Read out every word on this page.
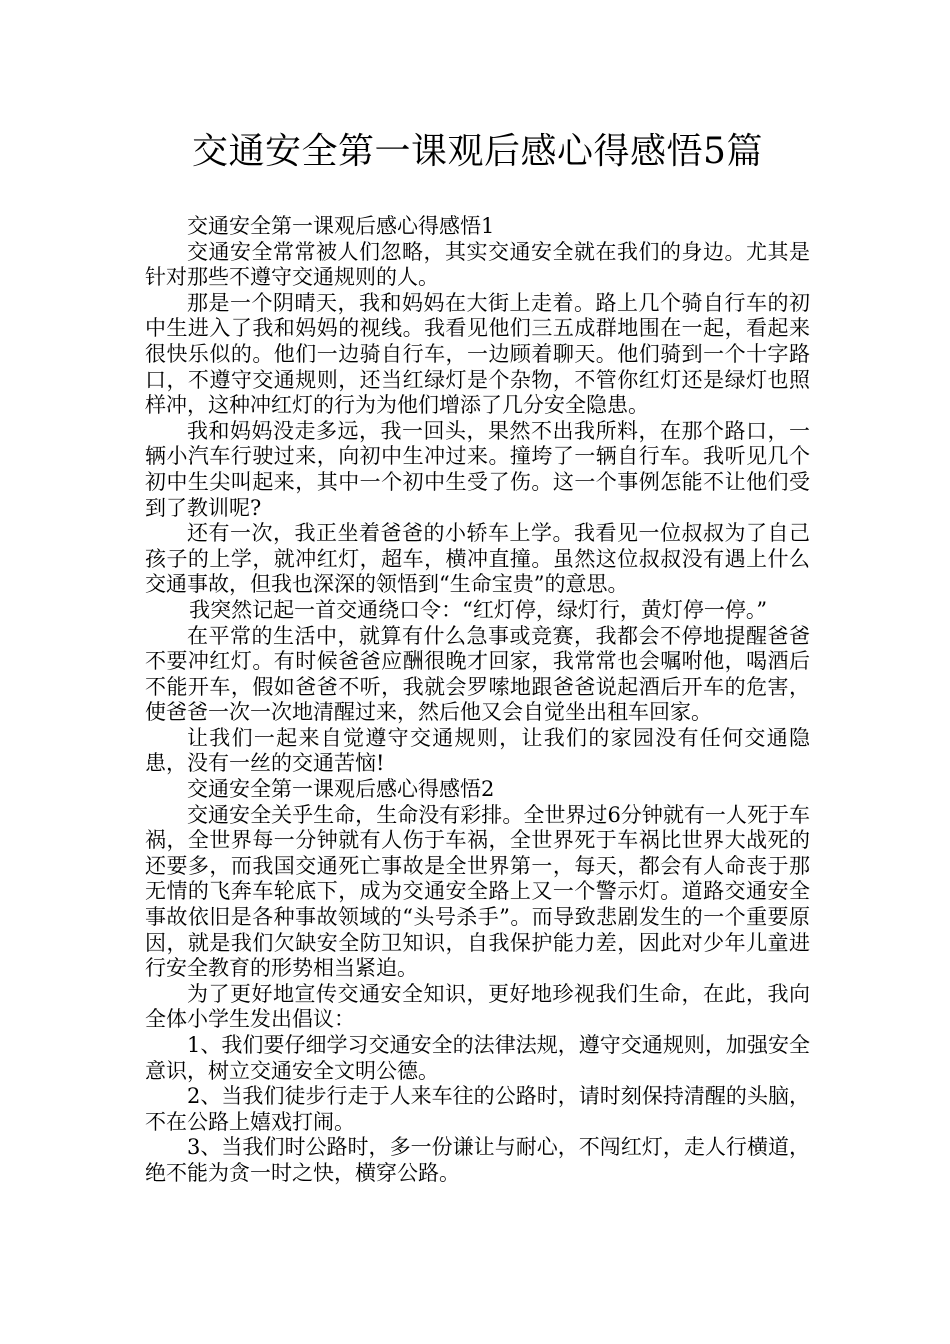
交通安全第一课观后感心得感悟5篇

交通安全第一课观后感心得感悟1

交通安全常常被人们忽略，其实交通安全就在我们的身边。尤其是针对那些不遵守交通规则的人。

那是一个阴晴天，我和妈妈在大街上走着。路上几个骑自行车的初中生进入了我和妈妈的视线。我看见他们三五成群地围在一起，看起来很快乐似的。他们一边骑自行车，一边顾着聊天。他们骑到一个十字路口，不遵守交通规则，还当红绿灯是个杂物，不管你红灯还是绿灯也照样冲，这种冲红灯的行为为他们增添了几分安全隐患。

我和妈妈没走多远，我一回头，果然不出我所料，在那个路口，一辆小汽车行驶过来，向初中生冲过来。撞垮了一辆自行车。我听见几个初中生尖叫起来，其中一个初中生受了伤。这一个事例怎能不让他们受到了教训呢?

还有一次，我正坐着爸爸的小轿车上学。我看见一位叔叔为了自己孩子的上学，就冲红灯，超车，横冲直撞。虽然这位叔叔没有遇上什么交通事故，但我也深深的领悟到“生命宝贵”的意思。

我突然记起一首交通绕口令：“红灯停，绿灯行，黄灯停一停。”

在平常的生活中，就算有什么急事或竞赛，我都会不停地提醒爸爸不要冲红灯。有时候爸爸应酬很晚才回家，我常常也会嘱咐他，喝酒后不能开车，假如爸爸不听，我就会罗嗦地跟爸爸说起酒后开车的危害，使爸爸一次一次地清醒过来，然后他又会自觉坐出租车回家。

让我们一起来自觉遵守交通规则，让我们的家园没有任何交通隐患，没有一丝的交通苦恼!

交通安全第一课观后感心得感悟2

交通安全关乎生命，生命没有彩排。全世界过6分钟就有一人死于车祸，全世界每一分钟就有人伤于车祸，全世界死于车祸比世界大战死的还要多，而我国交通死亡事故是全世界第一，每天，都会有人命丧于那无情的飞奔车轮底下，成为交通安全路上又一个警示灯。道路交通安全事故依旧是各种事故领域的“头号杀手”。而导致悲剧发生的一个重要原因，就是我们欠缺安全防卫知识，自我保护能力差，因此对少年儿童进行安全教育的形势相当紧迫。

为了更好地宣传交通安全知识，更好地珍视我们生命，在此，我向全体小学生发出倡议：

1、我们要仔细学习交通安全的法律法规，遵守交通规则，加强安全意识，树立交通安全文明公德。

2、当我们徒步行走于人来车往的公路时，请时刻保持清醒的头脑，不在公路上嬉戏打闹。

3、当我们时公路时，多一份谦让与耐心，不闯红灯，走人行横道，绝不能为贪一时之快，横穿公路。
